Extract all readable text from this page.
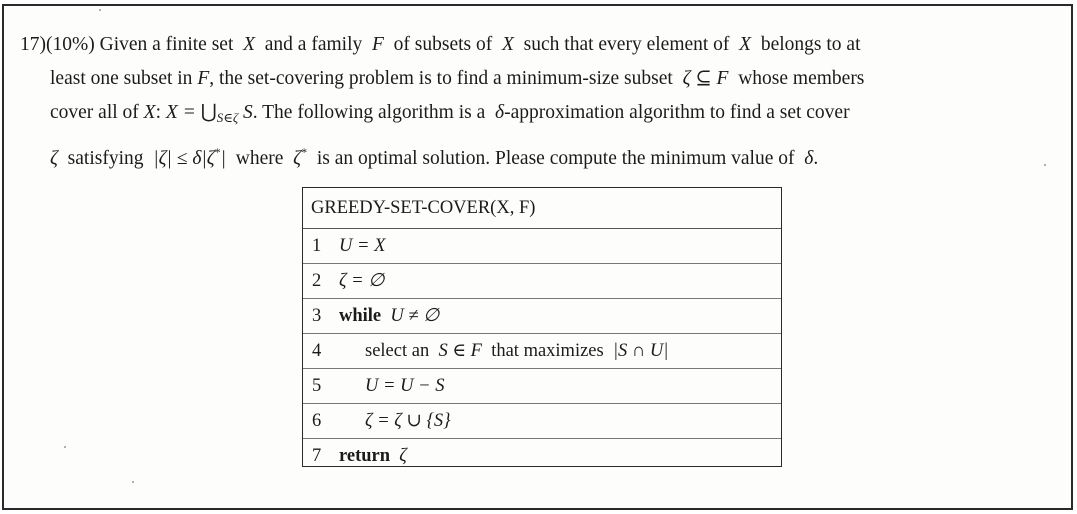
17)(10%) Given a finite set X and a family F of subsets of X such that every element of X belongs to at
least one subset in F, the set-covering problem is to find a minimum-size subset ζ ⊆ F whose members
cover all of X: $X = ⋃_{S\in\zeta}$ S. The following algorithm is a δ-approximation algorithm to find a set cover
ζ satisfying |ζ| ≤ δ|ζ*| where ζ* is an optimal solution. Please compute the minimum value of δ.
GREEDY-SET-COVER(X, F)
1 U = X
2 ζ = ∅
3 while U ≠ ∅
4 select an S ∈ F that maximizes |S ∩ U|
5 U = U − S
6 ζ = ζ ∪ {S}
7 return ζ
